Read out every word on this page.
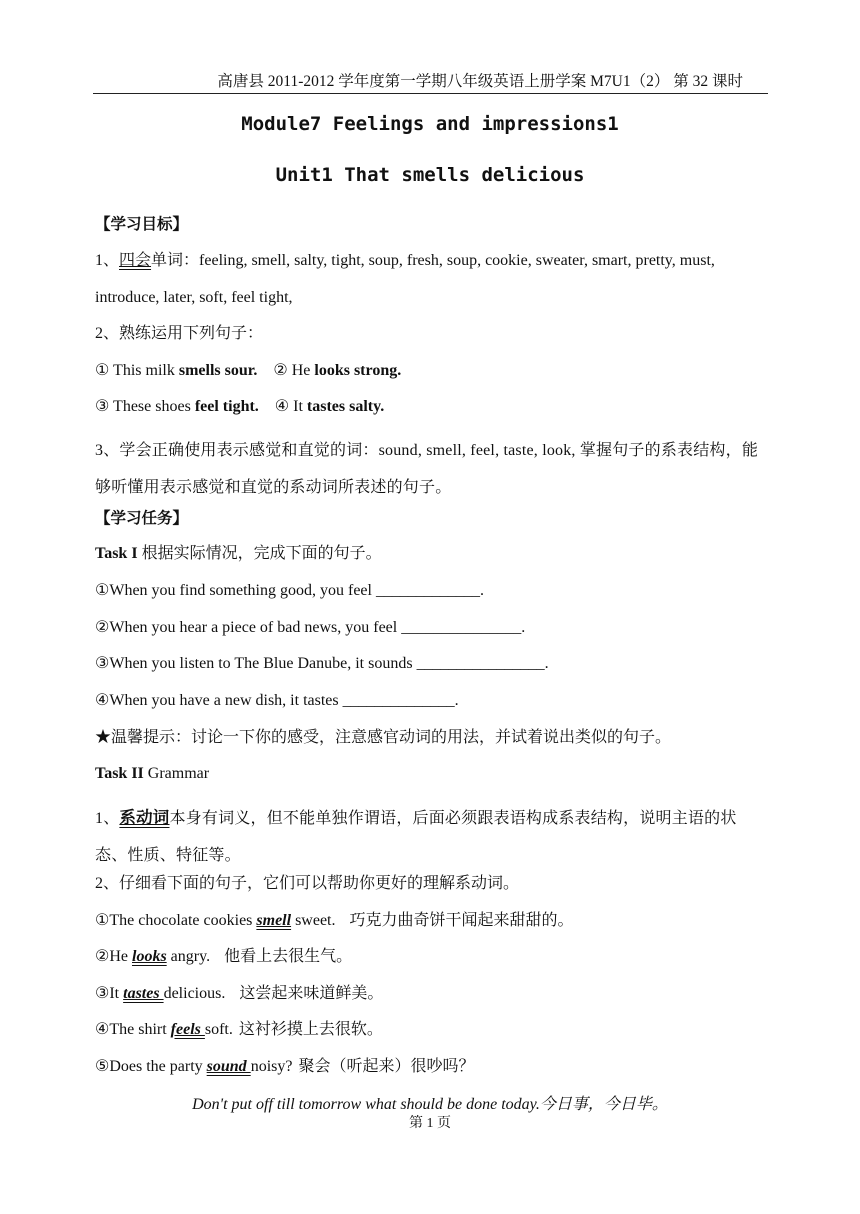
高唐县 2011-2012 学年度第一学期八年级英语上册学案 M7U1（2） 第 32 课时
Module7 Feelings and impressions1
Unit1 That smells delicious
【学习目标】
1、四会单词：feeling, smell, salty, tight, soup, fresh, soup, cookie, sweater, smart, pretty, must,
introduce, later, soft, feel tight,
2、熟练运用下列句子：
① This milk smells sour. ② He looks strong.
③ These shoes feel tight. ④ It tastes salty.
3、学会正确使用表示感觉和直觉的词：sound, smell, feel, taste, look, 掌握句子的系表结构，能够听懂用表示感觉和直觉的系动词所表述的句子。
【学习任务】
Task I 根据实际情况，完成下面的句子。
①When you find something good, you feel _____________.
②When you hear a piece of bad news, you feel _______________.
③When you listen to The Blue Danube, it sounds ________________.
④When you have a new dish, it tastes ______________.
★温馨提示：讨论一下你的感受，注意感官动词的用法，并试着说出类似的句子。
Task II Grammar
1、系动词本身有词义，但不能单独作谓语，后面必须跟表语构成系表结构，说明主语的状态、性质、特征等。
2、仔细看下面的句子，它们可以帮助你更好的理解系动词。
①The chocolate cookies smell sweet. 巧克力曲奇饼干闻起来甜甜的。
②He looks angry. 他看上去很生气。
③It tastes delicious. 这尝起来味道鲜美。
④The shirt feels soft. 这衬衫摸上去很软。
⑤Does the party sound noisy? 聚会（听起来）很吵吗？
Don't put off till tomorrow what should be done today.今日事，今日毕。
第 1 页
